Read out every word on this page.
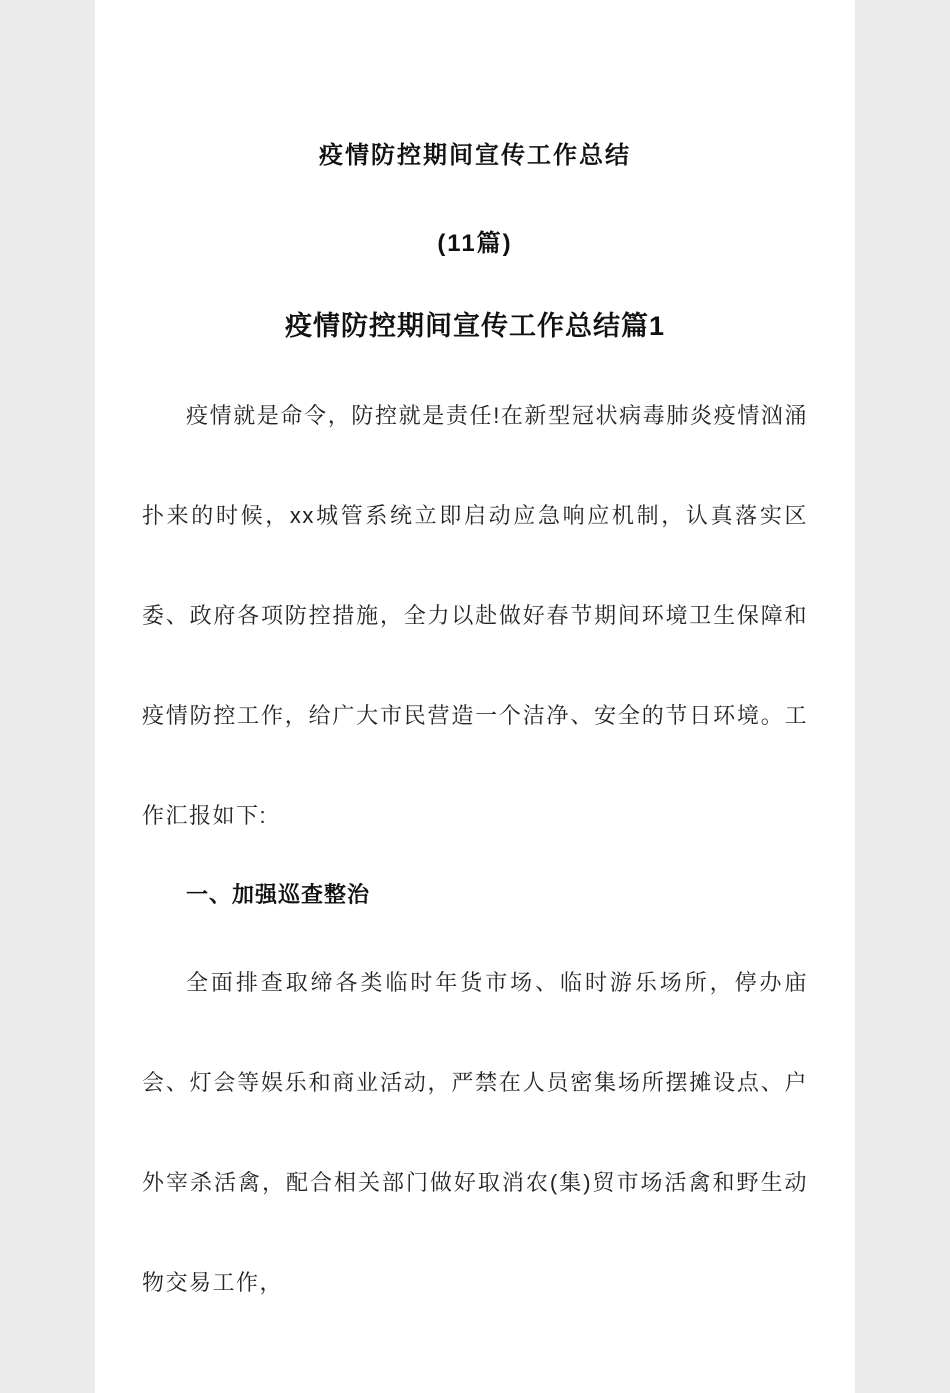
疫情防控期间宣传工作总结
(11篇)
疫情防控期间宣传工作总结篇1

疫情就是命令，防控就是责任!在新型冠状病毒肺炎疫情汹涌扑来的时候，xx城管系统立即启动应急响应机制，认真落实区委、政府各项防控措施，全力以赴做好春节期间环境卫生保障和疫情防控工作，给广大市民营造一个洁净、安全的节日环境。工作汇报如下:

一、加强巡查整治

全面排查取缔各类临时年货市场、临时游乐场所，停办庙会、灯会等娱乐和商业活动，严禁在人员密集场所摆摊设点、户外宰杀活禽，配合相关部门做好取消农(集)贸市场活禽和野生动物交易工作，
